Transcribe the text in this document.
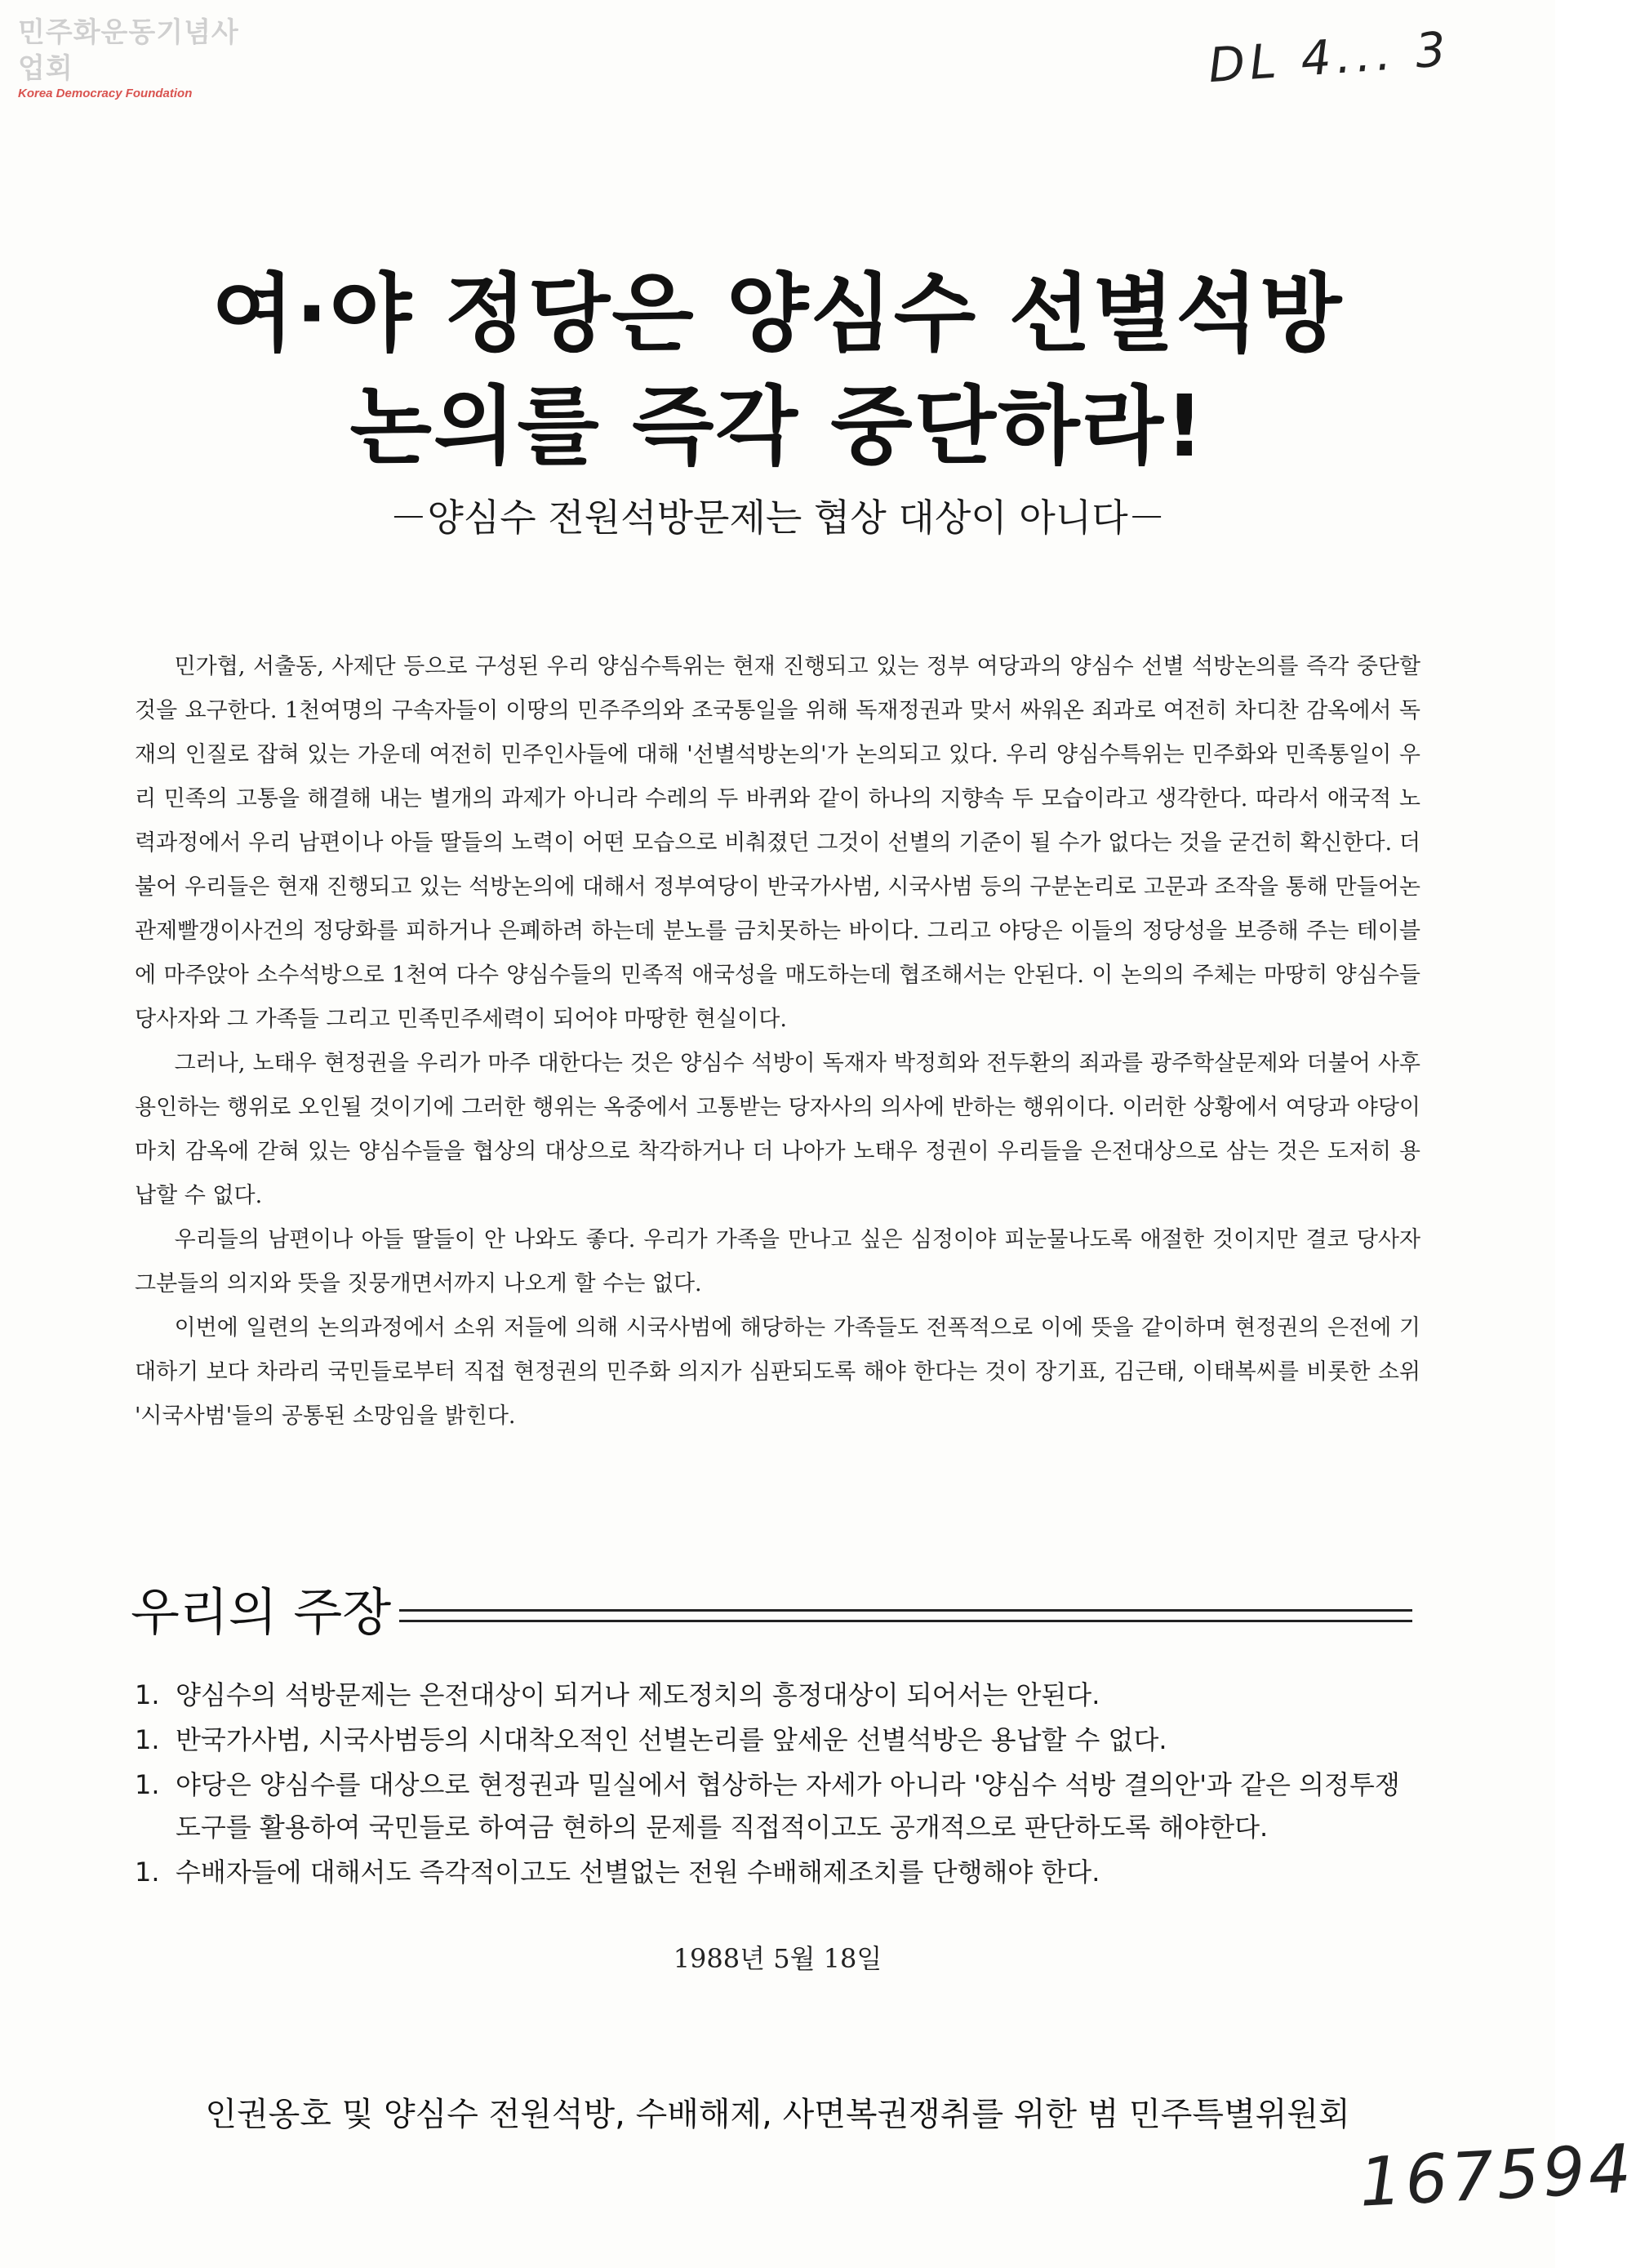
민주화운동기념사업회
Korea Democracy Foundation
DL 4... 3
여·야 정당은 양심수 선별석방
논의를 즉각 중단하라!
－양심수 전원석방문제는 협상 대상이 아니다－

민가협, 서출동, 사제단 등으로 구성된 우리 양심수특위는 현재 진행되고 있는 정부 여당과의 양심수 선별 석방논의를 즉각 중단할 것을 요구한다. 1천여명의 구속자들이 이땅의 민주주의와 조국통일을 위해 독재정권과 맞서 싸워온 죄과로 여전히 차디찬 감옥에서 독재의 인질로 잡혀 있는 가운데 여전히 민주인사들에 대해 '선별석방논의'가 논의되고 있다. 우리 양심수특위는 민주화와 민족통일이 우리 민족의 고통을 해결해 내는 별개의 과제가 아니라 수레의 두 바퀴와 같이 하나의 지향속 두 모습이라고 생각한다. 따라서 애국적 노력과정에서 우리 남편이나 아들 딸들의 노력이 어떤 모습으로 비춰졌던 그것이 선별의 기준이 될 수가 없다는 것을 굳건히 확신한다. 더불어 우리들은 현재 진행되고 있는 석방논의에 대해서 정부여당이 반국가사범, 시국사범 등의 구분논리로 고문과 조작을 통해 만들어논 관제빨갱이사건의 정당화를 피하거나 은폐하려 하는데 분노를 금치못하는 바이다. 그리고 야당은 이들의 정당성을 보증해 주는 테이블에 마주앉아 소수석방으로 1천여 다수 양심수들의 민족적 애국성을 매도하는데 협조해서는 안된다. 이 논의의 주체는 마땅히 양심수들 당사자와 그 가족들 그리고 민족민주세력이 되어야 마땅한 현실이다.

그러나, 노태우 현정권을 우리가 마주 대한다는 것은 양심수 석방이 독재자 박정희와 전두환의 죄과를 광주학살문제와 더불어 사후 용인하는 행위로 오인될 것이기에 그러한 행위는 옥중에서 고통받는 당자사의 의사에 반하는 행위이다. 이러한 상황에서 여당과 야당이 마치 감옥에 갇혀 있는 양심수들을 협상의 대상으로 착각하거나 더 나아가 노태우 정권이 우리들을 은전대상으로 삼는 것은 도저히 용납할 수 없다.

우리들의 남편이나 아들 딸들이 안 나와도 좋다. 우리가 가족을 만나고 싶은 심정이야 피눈물나도록 애절한 것이지만 결코 당사자 그분들의 의지와 뜻을 짓뭉개면서까지 나오게 할 수는 없다.

이번에 일련의 논의과정에서 소위 저들에 의해 시국사범에 해당하는 가족들도 전폭적으로 이에 뜻을 같이하며 현정권의 은전에 기대하기 보다 차라리 국민들로부터 직접 현정권의 민주화 의지가 심판되도록 해야 한다는 것이 장기표, 김근태, 이태복씨를 비롯한 소위 '시국사범'들의 공통된 소망임을 밝힌다.

우리의 주장
1. 양심수의 석방문제는 은전대상이 되거나 제도정치의 흥정대상이 되어서는 안된다.
1. 반국가사범, 시국사범등의 시대착오적인 선별논리를 앞세운 선별석방은 용납할 수 없다.
1. 야당은 양심수를 대상으로 현정권과 밀실에서 협상하는 자세가 아니라 '양심수 석방 결의안'과 같은 의정투쟁도구를 활용하여 국민들로 하여금 현하의 문제를 직접적이고도 공개적으로 판단하도록 해야한다.
1. 수배자들에 대해서도 즉각적이고도 선별없는 전원 수배해제조치를 단행해야 한다.
1988년 5월 18일
인권옹호 및 양심수 전원석방, 수배해제, 사면복권쟁취를 위한 범 민주특별위원회
167594
